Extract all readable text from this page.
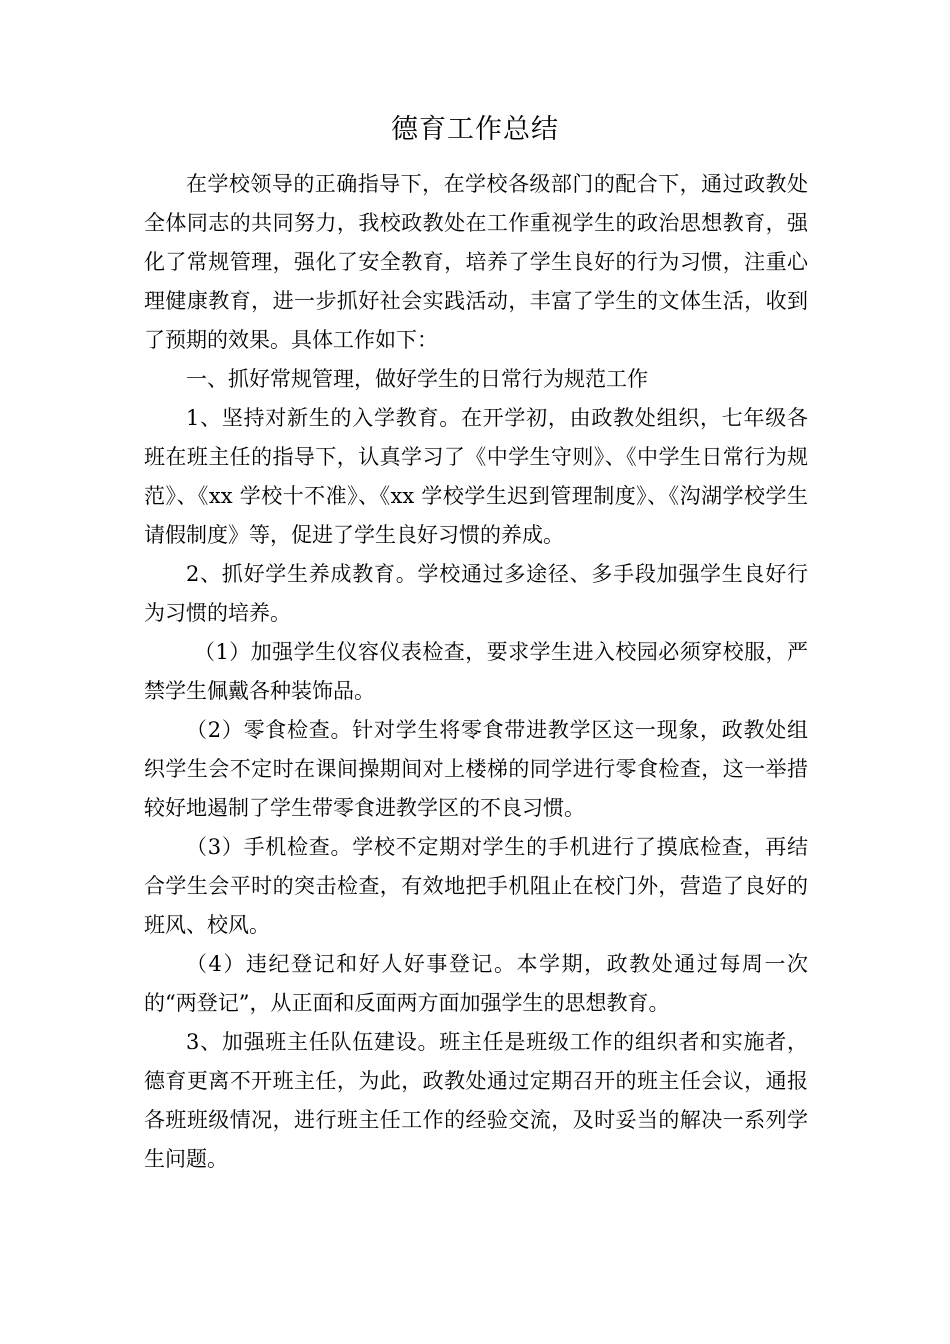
德育工作总结

在学校领导的正确指导下，在学校各级部门的配合下，通过政教处全体同志的共同努力，我校政教处在工作重视学生的政治思想教育，强化了常规管理，强化了安全教育，培养了学生良好的行为习惯，注重心理健康教育，进一步抓好社会实践活动，丰富了学生的文体生活，收到了预期的效果。具体工作如下：

一、抓好常规管理，做好学生的日常行为规范工作

1、坚持对新生的入学教育。在开学初，由政教处组织，七年级各班在班主任的指导下，认真学习了《中学生守则》、《中学生日常行为规范》、《xx 学校十不准》、《xx 学校学生迟到管理制度》、《沟湖学校学生请假制度》等，促进了学生良好习惯的养成。

2、抓好学生养成教育。学校通过多途径、多手段加强学生良好行为习惯的培养。

（1）加强学生仪容仪表检查，要求学生进入校园必须穿校服，严禁学生佩戴各种装饰品。

（2）零食检查。针对学生将零食带进教学区这一现象，政教处组织学生会不定时在课间操期间对上楼梯的同学进行零食检查，这一举措较好地遏制了学生带零食进教学区的不良习惯。

（3）手机检查。学校不定期对学生的手机进行了摸底检查，再结合学生会平时的突击检查，有效地把手机阻止在校门外，营造了良好的班风、校风。

（4）违纪登记和好人好事登记。本学期，政教处通过每周一次的“两登记”，从正面和反面两方面加强学生的思想教育。

3、加强班主任队伍建设。班主任是班级工作的组织者和实施者，德育更离不开班主任，为此，政教处通过定期召开的班主任会议，通报各班班级情况，进行班主任工作的经验交流，及时妥当的解决一系列学生问题。
